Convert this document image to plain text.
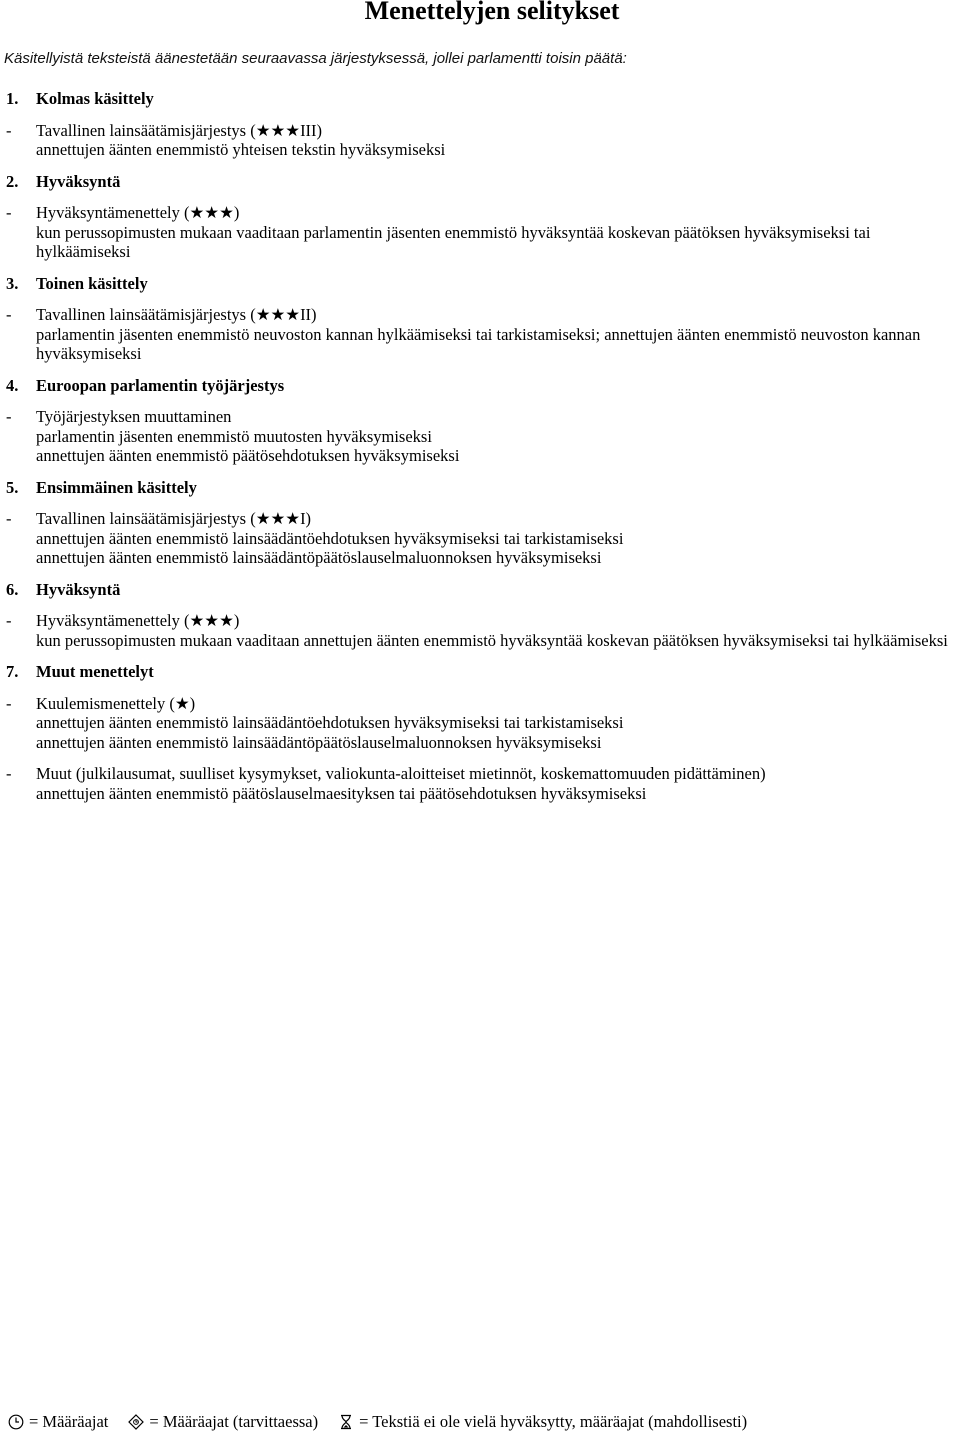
Menettelyjen selitykset
Käsitellyistä teksteistä äänestetään seuraavassa järjestyksessä, jollei parlamentti toisin päätä:
1. Kolmas käsittely
-	Tavallinen lainsäätämisjärjestys (★★★III)
annettujen äänten enemmistö yhteisen tekstin hyväksymiseksi
2. Hyväksyntä
-	Hyväksyntämenettely (★★★)
kun perussopimusten mukaan vaaditaan parlamentin jäsenten enemmistö hyväksyntää koskevan päätöksen hyväksymiseksi tai hylkäämiseksi
3. Toinen käsittely
-	Tavallinen lainsäätämisjärjestys (★★★II)
parlamentin jäsenten enemmistö neuvoston kannan hylkäämiseksi tai tarkistamiseksi; annettujen äänten enemmistö neuvoston kannan hyväksymiseksi
4. Euroopan parlamentin työjärjestys
-	Työjärjestyksen muuttaminen
parlamentin jäsenten enemmistö muutosten hyväksymiseksi
annettujen äänten enemmistö päätösehdotuksen hyväksymiseksi
5. Ensimmäinen käsittely
-	Tavallinen lainsäätämisjärjestys (★★★I)
annettujen äänten enemmistö lainsäädäntöehdotuksen hyväksymiseksi tai tarkistamiseksi
annettujen äänten enemmistö lainsäädäntöpäätöslauselmaluonnoksen hyväksymiseksi
6. Hyväksyntä
-	Hyväksyntämenettely (★★★)
kun perussopimusten mukaan vaaditaan annettujen äänten enemmistö hyväksyntää koskevan päätöksen hyväksymiseksi tai hylkäämiseksi
7. Muut menettelyt
-	Kuulemismenettely (★)
annettujen äänten enemmistö lainsäädäntöehdotuksen hyväksymiseksi tai tarkistamiseksi
annettujen äänten enemmistö lainsäädäntöpäätöslauselmaluonnoksen hyväksymiseksi
-	Muut (julkilausumat, suulliset kysymykset, valiokunta-aloitteiset mietinnöt, koskemattomuuden pidättäminen)
annettujen äänten enemmistö päätöslauselmaesityksen tai päätösehdotuksen hyväksymiseksi
= Määräajat = Määräajat (tarvittaessa) = Tekstiä ei ole vielä hyväksytty, määräajat (mahdollisesti)
